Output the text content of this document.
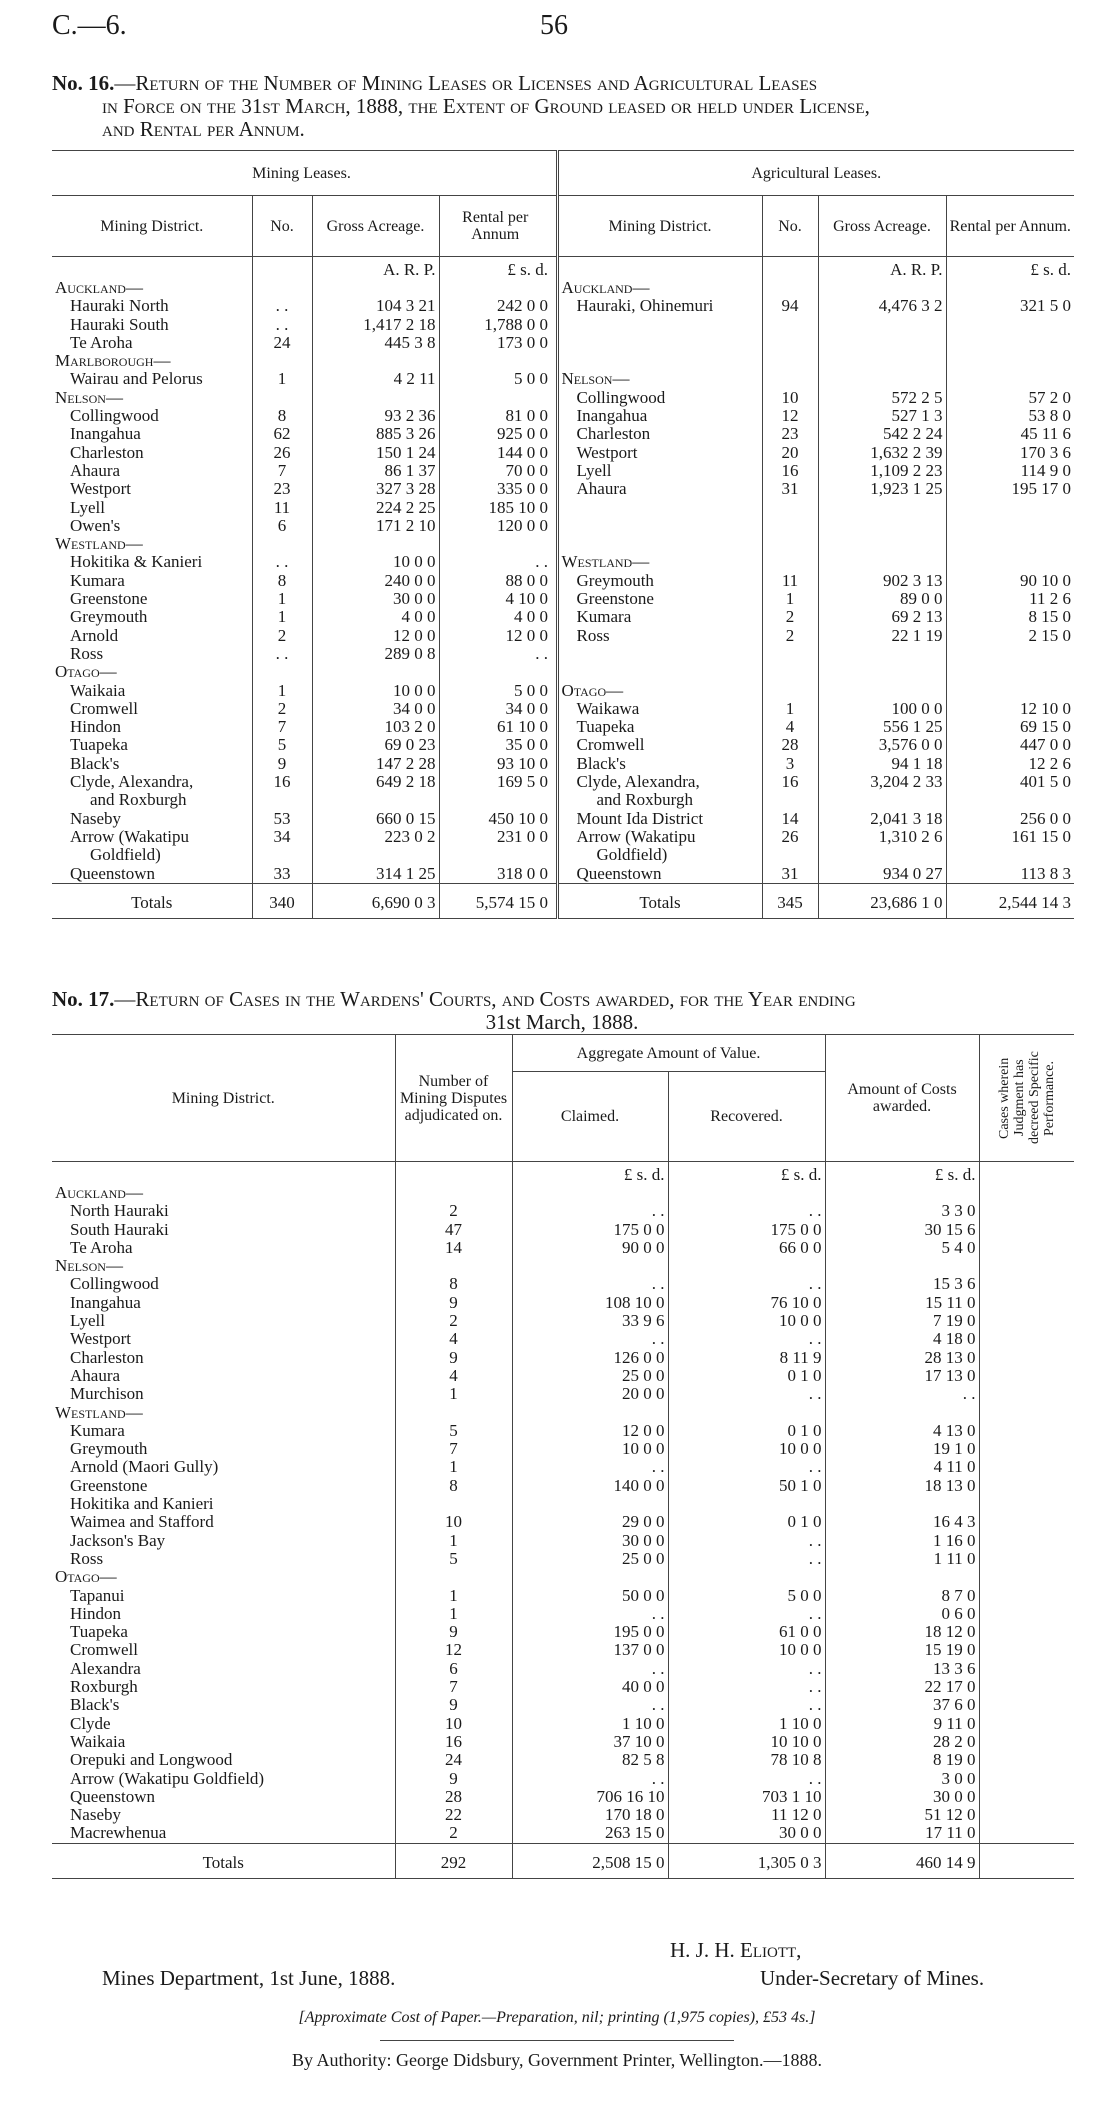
C.—6.	56
No. 16.—Return of the Number of Mining Leases or Licenses and Agricultural Leases
in Force on the 31st March, 1888, the Extent of Ground leased or held under License,
and Rental per Annum.
Mining Leases.					Agricultural Leases.			
Mining District.	No.	Gross Acreage.	Rental per Annum		Mining District.	No.	Gross Acreage.	Rental per Annum.
		A. R. P.	£ s. d.				A. R. P.	£ s. d.
Auckland—					Auckland—			
Hauraki North	. .	104 3 21	242 0 0		Hauraki, Ohinemuri	94	4,476 3 2	321 5 0
Hauraki South	. .	1,417 2 18	1,788 0 0					
Te Aroha	24	445 3 8	173 0 0					
Marlborough—								
Wairau and Pelorus	1	4 2 11	5 0 0		Nelson—			
Nelson—					Collingwood	10	572 2 5	57 2 0
Collingwood	8	93 2 36	81 0 0		Inangahua	12	527 1 3	53 8 0
Inangahua	62	885 3 26	925 0 0		Charleston	23	542 2 24	45 11 6
Charleston	26	150 1 24	144 0 0		Westport	20	1,632 2 39	170 3 6
Ahaura	7	86 1 37	70 0 0		Lyell	16	1,109 2 23	114 9 0
Westport	23	327 3 28	335 0 0		Ahaura	31	1,923 1 25	195 17 0
Lyell	11	224 2 25	185 10 0					
Owen's	6	171 2 10	120 0 0					
Westland—								
Hokitika & Kanieri	. .	10 0 0	. .		Westland—			
Kumara	8	240 0 0	88 0 0		Greymouth	11	902 3 13	90 10 0
Greenstone	1	30 0 0	4 10 0		Greenstone	1	89 0 0	11 2 6
Greymouth	1	4 0 0	4 0 0		Kumara	2	69 2 13	8 15 0
Arnold	2	12 0 0	12 0 0		Ross	2	22 1 19	2 15 0
Ross	. .	289 0 8	. .					
Otago—								
Waikaia	1	10 0 0	5 0 0		Otago—			
Cromwell	2	34 0 0	34 0 0		Waikawa	1	100 0 0	12 10 0
Hindon	7	103 2 0	61 10 0		Tuapeka	4	556 1 25	69 15 0
Tuapeka	5	69 0 23	35 0 0		Cromwell	28	3,576 0 0	447 0 0
Black's	9	147 2 28	93 10 0		Black's	3	94 1 18	12 2 6
Clyde, Alexandra,	16	649 2 18	169 5 0		Clyde, Alexandra,	16	3,204 2 33	401 5 0
and Roxburgh					and Roxburgh			
Naseby	53	660 0 15	450 10 0		Mount Ida District	14	2,041 3 18	256 0 0
Arrow (Wakatipu	34	223 0 2	231 0 0		Arrow (Wakatipu	26	1,310 2 6	161 15 0
Goldfield)					Goldfield)			
Queenstown	33	314 1 25	318 0 0		Queenstown	31	934 0 27	113 8 3
Totals	340	6,690 0 3	5,574 15 0		Totals	345	23,686 1 0	2,544 14 3
No. 17.—Return of Cases in the Wardens' Courts, and Costs awarded, for the Year ending
31st March, 1888.
Mining District.	Number of Mining Disputes adjudicated on.	Aggregate Amount of Value.		Amount of Costs awarded.	Cases wherein Judgment has decreed Specific Performance.

		Claimed.	Recovered.		
		£ s. d.	£ s. d.	£ s. d.	
Auckland—					
North Hauraki	2	. .	. .	3 3 0	
South Hauraki	47	175 0 0	175 0 0	30 15 6	
Te Aroha	14	90 0 0	66 0 0	5 4 0	
Nelson—					
Collingwood	8	. .	. .	15 3 6	
Inangahua	9	108 10 0	76 10 0	15 11 0	
Lyell	2	33 9 6	10 0 0	7 19 0	
Westport	4	. .	. .	4 18 0	
Charleston	9	126 0 0	8 11 9	28 13 0	
Ahaura	4	25 0 0	0 1 0	17 13 0	
Murchison	1	20 0 0	. .	. .	
Westland—					
Kumara	5	12 0 0	0 1 0	4 13 0	
Greymouth	7	10 0 0	10 0 0	19 1 0	
Arnold (Maori Gully)	1	. .	. .	4 11 0	
Greenstone	8	140 0 0	50 1 0	18 13 0	
Hokitika and Kanieri					
Waimea and Stafford	10	29 0 0	0 1 0	16 4 3	
Jackson's Bay	1	30 0 0	. .	1 16 0	
Ross	5	25 0 0	. .	1 11 0	
Otago—					
Tapanui	1	50 0 0	5 0 0	8 7 0	
Hindon	1	. .	. .	0 6 0	
Tuapeka	9	195 0 0	61 0 0	18 12 0	
Cromwell	12	137 0 0	10 0 0	15 19 0	
Alexandra	6	. .	. .	13 3 6	
Roxburgh	7	40 0 0	. .	22 17 0	
Black's	9	. .	. .	37 6 0	
Clyde	10	1 10 0	1 10 0	9 11 0	
Waikaia	16	37 10 0	10 10 0	28 2 0	
Orepuki and Longwood	24	82 5 8	78 10 8	8 19 0	
Arrow (Wakatipu Goldfield)	9	. .	. .	3 0 0	
Queenstown	28	706 16 10	703 1 10	30 0 0	
Naseby	22	170 18 0	11 12 0	51 12 0	
Macrewhenua	2	263 15 0	30 0 0	17 11 0	
Totals	292	2,508 15 0	1,305 0 3	460 14 9	
H. J. H. Eliott,
Mines Department, 1st June, 1888.	Under-Secretary of Mines.
[Approximate Cost of Paper.—Preparation, nil; printing (1,975 copies), £53 4s.]
By Authority: George Didsbury, Government Printer, Wellington.—1888.
